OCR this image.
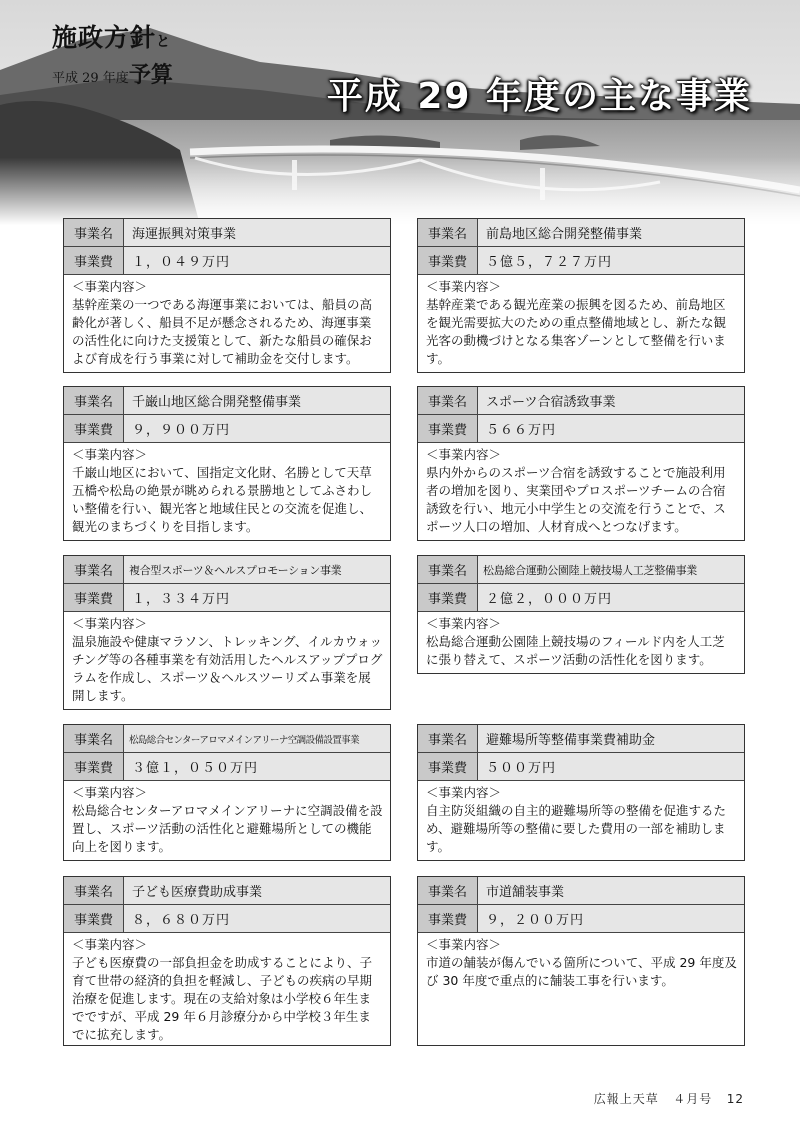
施政方針と
平成 29 年度予算
平成 29 年度の主な事業
事業名	海運振興対策事業
事業費	１，０４９万円
＜事業内容＞
基幹産業の一つである海運事業においては、船員の高齢化が著しく、船員不足が懸念されるため、海運事業の活性化に向けた支援策として、新たな船員の確保および育成を行う事業に対して補助金を交付します。
事業名	前島地区総合開発整備事業
事業費	５億５，７２７万円
＜事業内容＞
基幹産業である観光産業の振興を図るため、前島地区を観光需要拡大のための重点整備地域とし、新たな観光客の動機づけとなる集客ゾーンとして整備を行います。
事業名	千巌山地区総合開発整備事業
事業費	９，９００万円
＜事業内容＞
千巌山地区において、国指定文化財、名勝として天草五橋や松島の絶景が眺められる景勝地としてふさわしい整備を行い、観光客と地域住民との交流を促進し、観光のまちづくりを目指します。
事業名	スポーツ合宿誘致事業
事業費	５６６万円
＜事業内容＞
県内外からのスポーツ合宿を誘致することで施設利用者の増加を図り、実業団やプロスポーツチームの合宿誘致を行い、地元小中学生との交流を行うことで、スポーツ人口の増加、人材育成へとつなげます。
事業名	複合型スポーツ＆ヘルスプロモーション事業
事業費	１，３３４万円
＜事業内容＞
温泉施設や健康マラソン、トレッキング、イルカウォッチング等の各種事業を有効活用したヘルスアッププログラムを作成し、スポーツ＆ヘルスツーリズム事業を展開します。
事業名	松島総合運動公園陸上競技場人工芝整備事業
事業費	２億２，０００万円
＜事業内容＞
松島総合運動公園陸上競技場のフィールド内を人工芝に張り替えて、スポーツ活動の活性化を図ります。
事業名	松島総合センターアロマメインアリーナ空調設備設置事業
事業費	３億１，０５０万円
＜事業内容＞
松島総合センターアロマメインアリーナに空調設備を設置し、スポーツ活動の活性化と避難場所としての機能向上を図ります。
事業名	避難場所等整備事業費補助金
事業費	５００万円
＜事業内容＞
自主防災組織の自主的避難場所等の整備を促進するため、避難場所等の整備に要した費用の一部を補助します。
事業名	子ども医療費助成事業
事業費	８，６８０万円
＜事業内容＞
子ども医療費の一部負担金を助成することにより、子育て世帯の経済的負担を軽減し、子どもの疾病の早期治療を促進します。現在の支給対象は小学校６年生までですが、平成 29 年６月診療分から中学校３年生までに拡充します。
事業名	市道舗装事業
事業費	９，２００万円
＜事業内容＞
市道の舗装が傷んでいる箇所について、平成 29 年度及び 30 年度で重点的に舗装工事を行います。
広報上天草 ４月号 12
